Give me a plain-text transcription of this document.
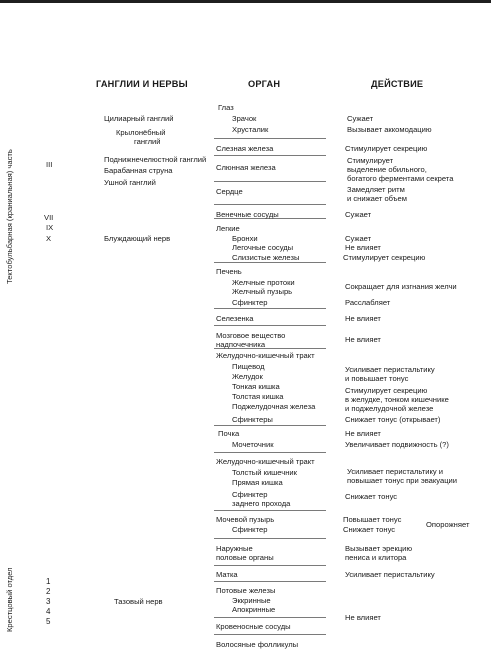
ГАНГЛИИ И НЕРВЫ	ОРГАН	ДЕЙСТВИЕ
Тектобульбарная (краниальная) часть
Крестцовый отдел
III
VII
IX
X
Цилиарный ганглий
Крылонёбный
ганглий
Поднижнечелюстной ганглий
Барабанная струна
Ушной ганглий
Блуждающий нерв
Тазовый нерв
1
2
3
4
5
Глаз
Зрачок
Хрусталик
Слезная железа
Слюнная железа
Сердце
Венечные сосуды
Легкие
Бронхи
Легочные сосуды
Слизистые железы
Печень
Желчные протоки
Желчный пузырь
Сфинктер
Селезенка
Мозговое вещество
надпочечника
Желудочно-кишечный тракт
Пищевод
Желудок
Тонкая кишка
Толстая кишка
Поджелудочная железа
Сфинктеры
Почка
Мочеточник
Желудочно-кишечный тракт
Толстый кишечник
Прямая кишка
Сфинктер
заднего прохода
Мочевой пузырь
Сфинктер
Наружные
половые органы
Матка
Потовые железы
Эккринные
Апокринные
Кровеносные сосуды
Волосяные фолликулы
Сужает
Вызывает аккомодацию
Стимулирует секрецию
Стимулирует
выделение обильного,
богатого ферментами секрета
Замедляет ритм
и снижает объем
Сужает
Сужает
Не влияет
Стимулирует секрецию
Сокращает для изгнания желчи
Расслабляет
Не влияет
Не влияет
Усиливает перистальтику
и повышает тонус
Стимулирует секрецию
в желудке, тонком кишечнике
и поджелудочной железе
Снижает тонус (открывает)
Не влияет
Увеличивает подвижность (?)
Усиливает перистальтику и
повышает тонус при эвакуации
Снижает тонус
Повышает тонус
Снижает тонус
Опорожняет
Вызывает эрекцию
пенисa и клитора
Усиливает перистальтику
Не влияет
